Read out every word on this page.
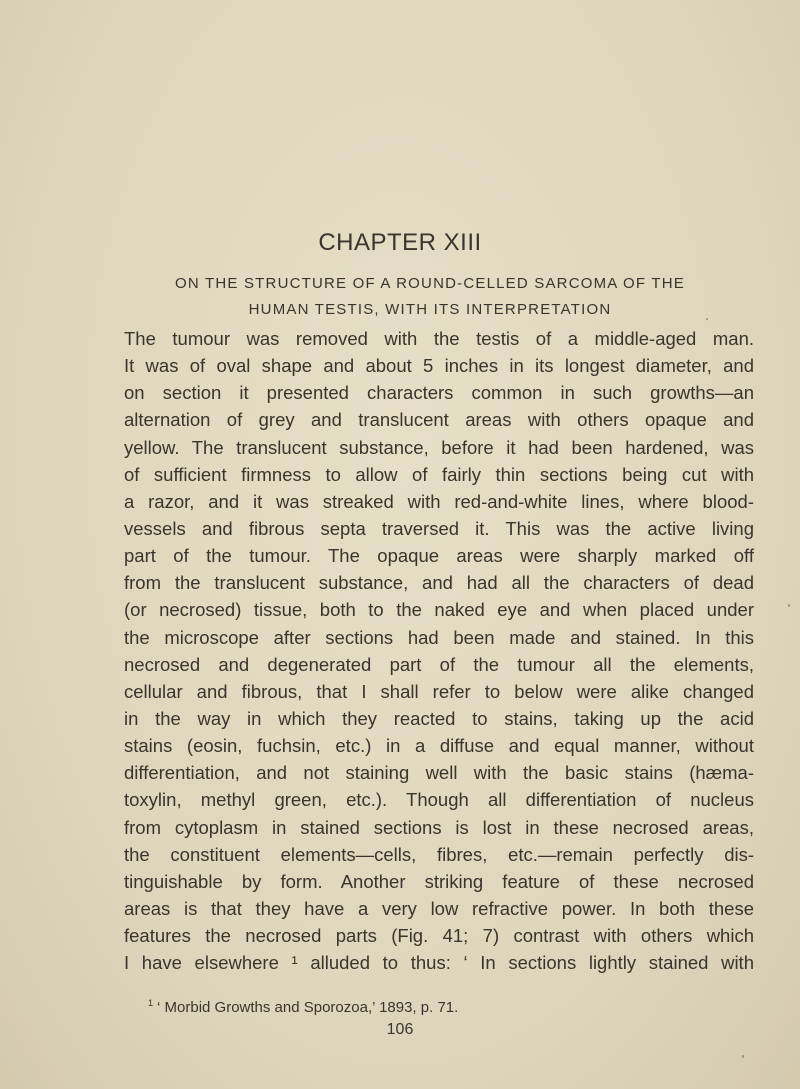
CHAPTER XIII
ON THE STRUCTURE OF A ROUND-CELLED SARCOMA OF THE
HUMAN TESTIS, WITH ITS INTERPRETATION
The tumour was removed with the testis of a middle-aged man.
It was of oval shape and about 5 inches in its longest diameter, and
on section it presented characters common in such growths—an
alternation of grey and translucent areas with others opaque and
yellow. The translucent substance, before it had been hardened, was
of sufficient firmness to allow of fairly thin sections being cut with
a razor, and it was streaked with red-and-white lines, where blood-
vessels and fibrous septa traversed it. This was the active living
part of the tumour. The opaque areas were sharply marked off
from the translucent substance, and had all the characters of dead
(or necrosed) tissue, both to the naked eye and when placed under
the microscope after sections had been made and stained. In this
necrosed and degenerated part of the tumour all the elements,
cellular and fibrous, that I shall refer to below were alike changed
in the way in which they reacted to stains, taking up the acid
stains (eosin, fuchsin, etc.) in a diffuse and equal manner, without
differentiation, and not staining well with the basic stains (hæma-
toxylin, methyl green, etc.). Though all differentiation of nucleus
from cytoplasm in stained sections is lost in these necrosed areas,
the constituent elements—cells, fibres, etc.—remain perfectly dis-
tinguishable by form. Another striking feature of these necrosed
areas is that they have a very low refractive power. In both these
features the necrosed parts (Fig. 41; 7) contrast with others which
I have elsewhere ¹ alluded to thus: ‘ In sections lightly stained with
$^1$ ‘ Morbid Growths and Sporozoa,’ 1893, p. 71.
106
